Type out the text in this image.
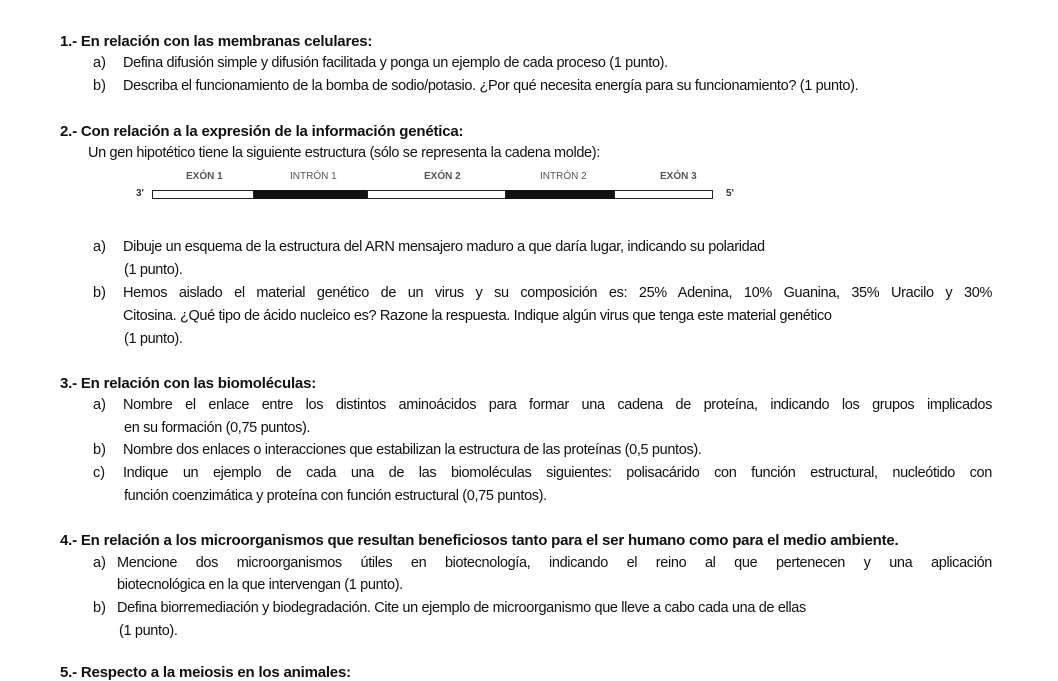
1.- En relación con las membranas celulares:
a) Defina difusión simple y difusión facilitada y ponga un ejemplo de cada proceso (1 punto).
b) Describa el funcionamiento de la bomba de sodio/potasio. ¿Por qué necesita energía para su funcionamiento? (1 punto).
2.- Con relación a la expresión de la información genética:
Un gen hipotético tiene la siguiente estructura (sólo se representa la cadena molde):
EXÓN 1	INTRÓN 1	EXÓN 2	INTRÓN 2	EXÓN 3
3'	5'
a) Dibuje un esquema de la estructura del ARN mensajero maduro a que daría lugar, indicando su polaridad
(1 punto).
b) Hemos aislado el material genético de un virus y su composición es: 25% Adenina, 10% Guanina, 35% Uracilo y 30%
Citosina. ¿Qué tipo de ácido nucleico es? Razone la respuesta. Indique algún virus que tenga este material genético
(1 punto).
3.- En relación con las biomoléculas:
a) Nombre el enlace entre los distintos aminoácidos para formar una cadena de proteína, indicando los grupos implicados
en su formación (0,75 puntos).
b) Nombre dos enlaces o interacciones que estabilizan la estructura de las proteínas (0,5 puntos).
c) Indique un ejemplo de cada una de las biomoléculas siguientes: polisacárido con función estructural, nucleótido con
función coenzimática y proteína con función estructural (0,75 puntos).
4.- En relación a los microorganismos que resultan beneficiosos tanto para el ser humano como para el medio ambiente.
a) Mencione dos microorganismos útiles en biotecnología, indicando el reino al que pertenecen y una aplicación
biotecnológica en la que intervengan (1 punto).
b) Defina biorremediación y biodegradación. Cite un ejemplo de microorganismo que lleve a cabo cada una de ellas
(1 punto).
5.- Respecto a la meiosis en los animales:
